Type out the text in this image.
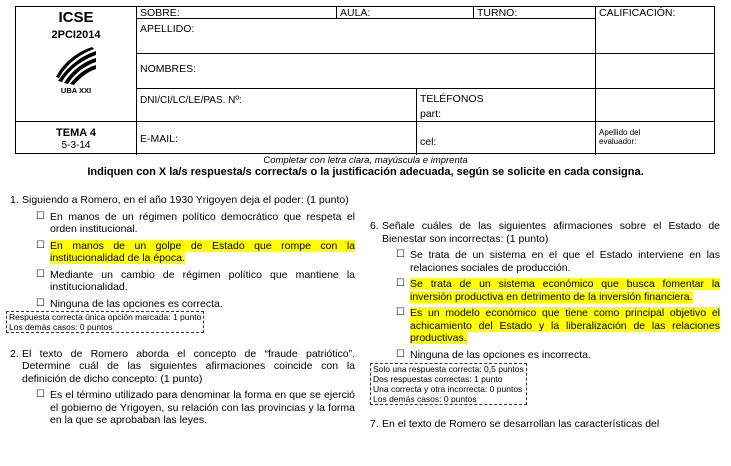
ICSE
2PCI2014
UBA XXI
TEMA 4
5-3-14
SOBRE:	AULA:	TURNO:	CALIFICACIÓN:
APELLIDO:
NOMBRES:
DNI/CI/LC/LE/PAS. Nº:	TELÉFONOS
part:
E-MAIL:	cel:
Apellido del
evaluador:
Completar con letra clara, mayúscula e imprenta
Indiquen con X la/s respuesta/s correcta/s o la justificación adecuada, según se solicite en cada consigna.
1. Siguiendo a Romero, en el año 1930 Yrigoyen deja el poder: (1 punto)
☐ En manos de un régimen político democrático que respeta el orden institucional.
☐ En manos de un golpe de Estado que rompe con la institucionalidad de la época.
☐ Mediante un cambio de régimen político que mantiene la institucionalidad.
☐ Ninguna de las opciones es correcta.
Respuesta correcta única opción marcada: 1 punto
Los demás casos: 0 puntos
2. El texto de Romero aborda el concepto de “fraude patriótico”. Determine cuál de las siguientes afirmaciones coincide con la definición de dicho concepto: (1 punto)
☐ Es el término utilizado para denominar la forma en que se ejerció el gobierno de Yrigoyen, su relación con las provincias y la forma en la que se aprobaban las leyes.
6. Señale cuáles de las siguientes afirmaciones sobre el Estado de Bienestar son incorrectas: (1 punto)
☐ Se trata de un sistema en el que el Estado interviene en las relaciones sociales de producción.
☐ Se trata de un sistema económico que busca fomentar la inversión productiva en detrimento de la inversión financiera.
☐ Es un modelo económico que tiene como principal objetivo el achicamiento del Estado y la liberalización de las relaciones productivas.
☐ Ninguna de las opciones es incorrecta.
Solo una respuesta correcta: 0,5 puntos
Dos respuestas correctas: 1 punto
Una correcta y otra incorrecta: 0 puntos
Los demás casos: 0 puntos
7. En el texto de Romero se desarrollan las características del
